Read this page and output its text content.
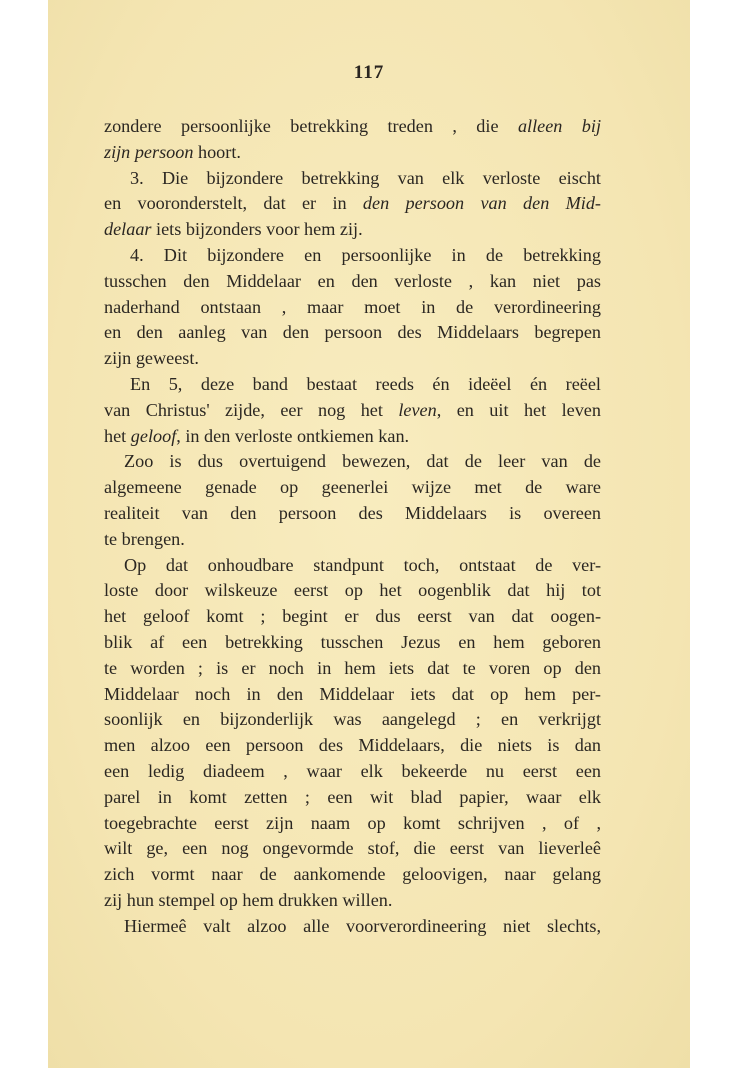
117
zondere persoonlijke betrekking treden , die alleen bij
zijn persoon hoort.
3. Die bijzondere betrekking van elk verloste eischt
en vooronderstelt, dat er in den persoon van den Mid-
delaar iets bijzonders voor hem zij.
4. Dit bijzondere en persoonlijke in de betrekking
tusschen den Middelaar en den verloste , kan niet pas
naderhand ontstaan , maar moet in de verordineering
en den aanleg van den persoon des Middelaars begrepen
zijn geweest.
En 5, deze band bestaat reeds én ideëel én reëel
van Christus' zijde, eer nog het leven, en uit het leven
het geloof, in den verloste ontkiemen kan.
Zoo is dus overtuigend bewezen, dat de leer van de
algemeene genade op geenerlei wijze met de ware
realiteit van den persoon des Middelaars is overeen
te brengen.
Op dat onhoudbare standpunt toch, ontstaat de ver-
loste door wilskeuze eerst op het oogenblik dat hij tot
het geloof komt ; begint er dus eerst van dat oogen-
blik af een betrekking tusschen Jezus en hem geboren
te worden ; is er noch in hem iets dat te voren op den
Middelaar noch in den Middelaar iets dat op hem per-
soonlijk en bijzonderlijk was aangelegd ; en verkrijgt
men alzoo een persoon des Middelaars, die niets is dan
een ledig diadeem , waar elk bekeerde nu eerst een
parel in komt zetten ; een wit blad papier, waar elk
toegebrachte eerst zijn naam op komt schrijven , of ,
wilt ge, een nog ongevormde stof, die eerst van lieverleê
zich vormt naar de aankomende geloovigen, naar gelang
zij hun stempel op hem drukken willen.
Hiermeê valt alzoo alle voorverordineering niet slechts,
